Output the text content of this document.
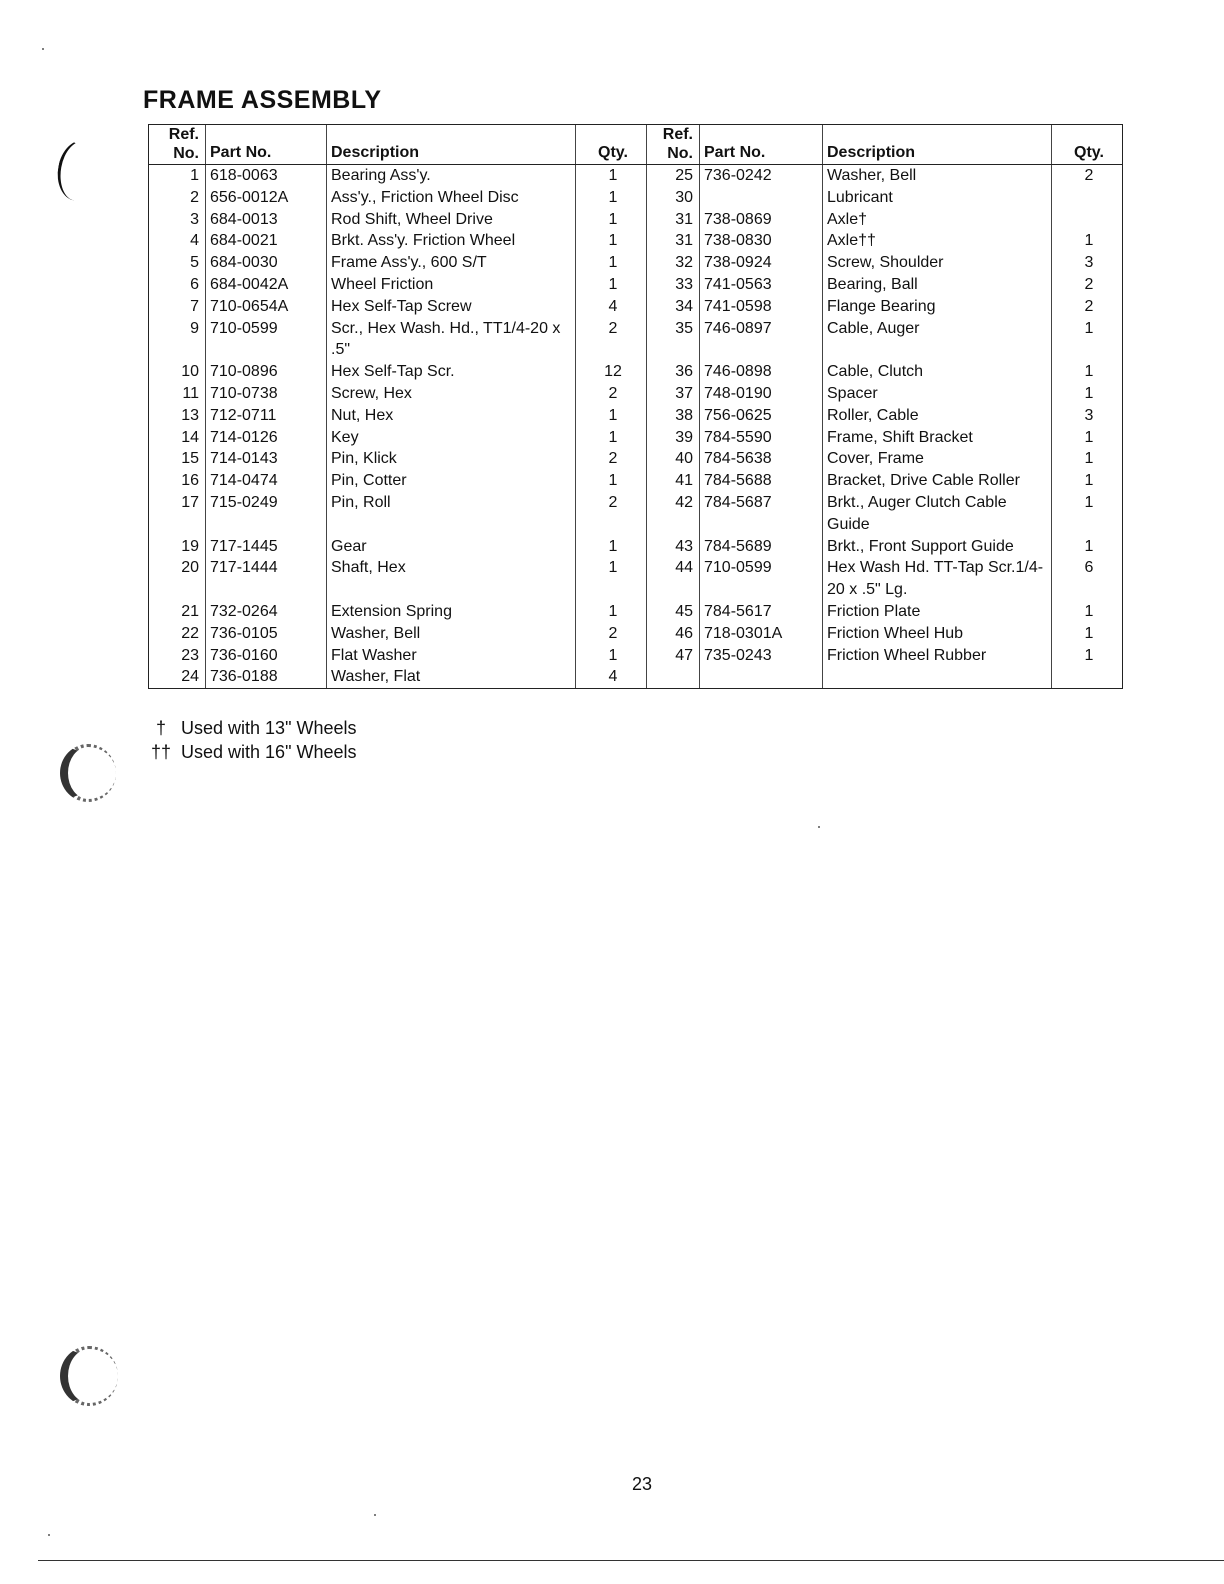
FRAME ASSEMBLY
Ref.
No.	Part No.	Description	Qty.	Ref.
No.	Part No.	Description	Qty.
1	618-0063	Bearing Ass'y.	1	25	736-0242	Washer, Bell	2
2	656-0012A	Ass'y., Friction Wheel Disc	1	30		Lubricant	
3	684-0013	Rod Shift, Wheel Drive	1	31	738-0869	Axle†	
4	684-0021	Brkt. Ass'y. Friction Wheel	1	31	738-0830	Axle††	1
5	684-0030	Frame Ass'y., 600 S/T	1	32	738-0924	Screw, Shoulder	3
6	684-0042A	Wheel Friction	1	33	741-0563	Bearing, Ball	2
7	710-0654A	Hex Self-Tap Screw	4	34	741-0598	Flange Bearing	2
9	710-0599	Scr., Hex Wash. Hd., TT1/4-20 x .5"	2	35	746-0897	Cable, Auger	1
10	710-0896	Hex Self-Tap Scr.	12	36	746-0898	Cable, Clutch	1
11	710-0738	Screw, Hex	2	37	748-0190	Spacer	1
13	712-0711	Nut, Hex	1	38	756-0625	Roller, Cable	3
14	714-0126	Key	1	39	784-5590	Frame, Shift Bracket	1
15	714-0143	Pin, Klick	2	40	784-5638	Cover, Frame	1
16	714-0474	Pin, Cotter	1	41	784-5688	Bracket, Drive Cable Roller	1
17	715-0249	Pin, Roll	2	42	784-5687	Brkt., Auger Clutch Cable Guide	1
19	717-1445	Gear	1	43	784-5689	Brkt., Front Support Guide	1
20	717-1444	Shaft, Hex	1	44	710-0599	Hex Wash Hd. TT-Tap Scr.1/4-20 x .5" Lg.	6
21	732-0264	Extension Spring	1	45	784-5617	Friction Plate	1
22	736-0105	Washer, Bell	2	46	718-0301A	Friction Wheel Hub	1
23	736-0160	Flat Washer	1	47	735-0243	Friction Wheel Rubber	1
24	736-0188	Washer, Flat	4				
† Used with 13" Wheels
†† Used with 16" Wheels
23
